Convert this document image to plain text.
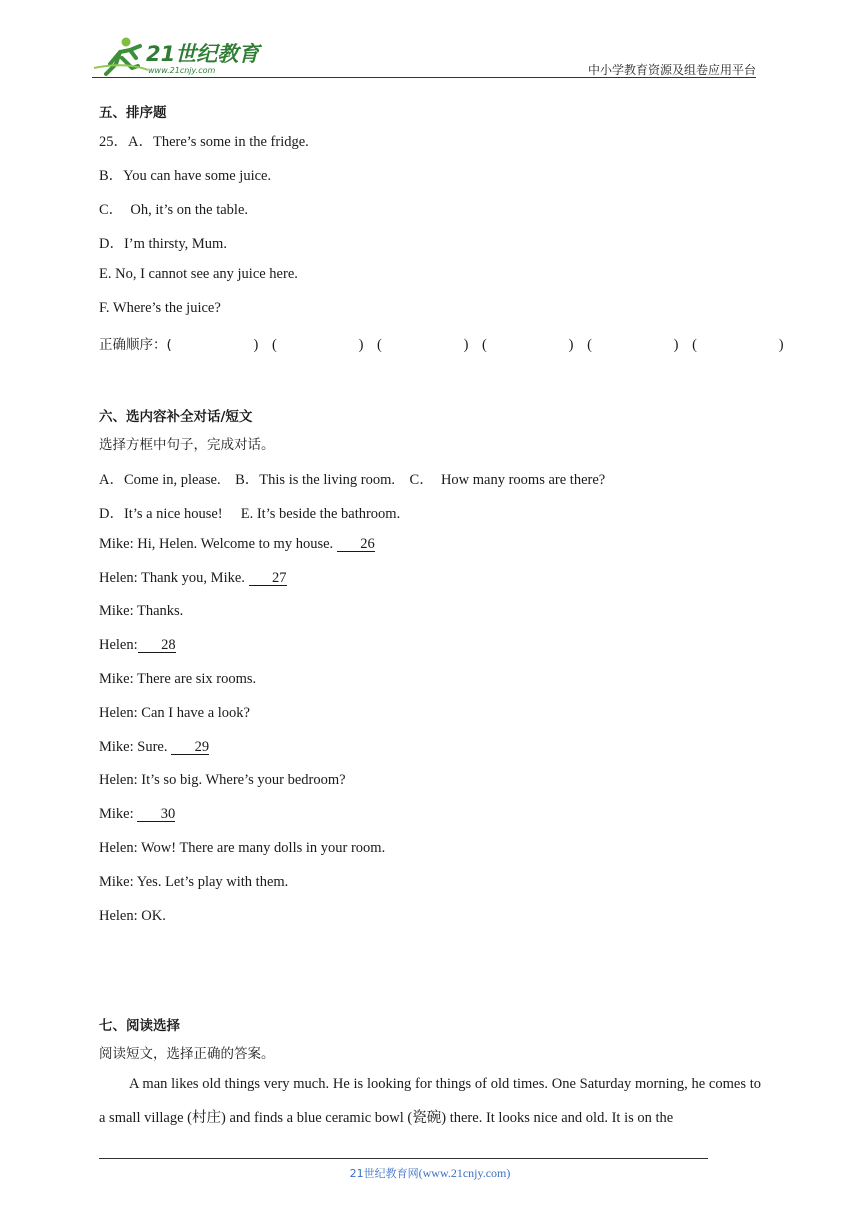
21世纪教育
www.21cnjy.com	中小学教育资源及组卷应用平台
五、排序题
25．A．There’s some in the fridge.
B．You can have some juice.
C．  Oh, it’s on the table.
D．I’m thirsty, Mum.
E. No, I cannot see any juice here.
F. Where’s the juice?
正确顺序：(      ) (      ) (      ) (      ) (      ) (      )
六、选内容补全对话/短文
选择方框中句子，完成对话。
A．Come in, please.    B．This is the living room.    C．  How many rooms are there?
D．It’s a nice house!     E. It’s beside the bathroom.
Mike: Hi, Helen. Welcome to my house. 26
Helen: Thank you, Mike. 27
Mike: Thanks.
Helen: 28
Mike: There are six rooms.
Helen: Can I have a look?
Mike: Sure. 29
Helen: It’s so big. Where’s your bedroom?
Mike: 30
Helen: Wow! There are many dolls in your room.
Mike: Yes. Let’s play with them.
Helen: OK.
七、阅读选择
阅读短文，选择正确的答案。
A man likes old things very much. He is looking for things of old times. One Saturday morning, he comes to a small village (村庄) and finds a blue ceramic bowl (瓷碗) there. It looks nice and old. It is on the
21世纪教育网(www.21cnjy.com)
